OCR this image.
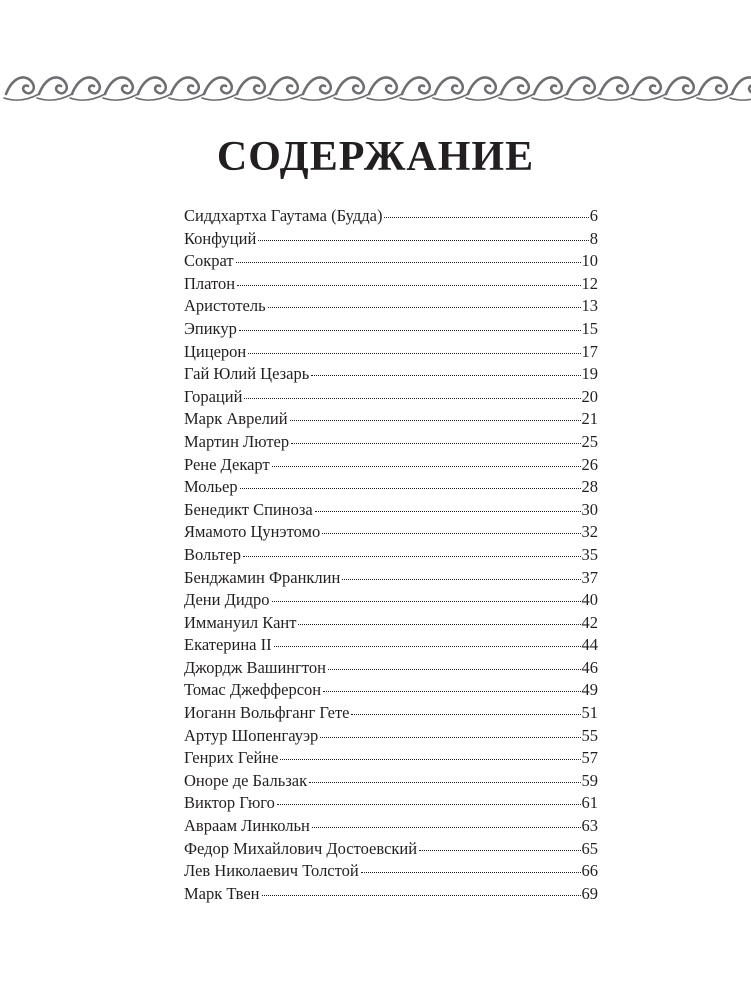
СОДЕРЖАНИЕ
Сиддхартха Гаутама (Будда)	6
Конфуций	8
Сократ	10
Платон	12
Аристотель	13
Эпикур	15
Цицерон	17
Гай Юлий Цезарь	19
Гораций	20
Марк Аврелий	21
Мартин Лютер	25
Рене Декарт	26
Мольер	28
Бенедикт Спиноза	30
Ямамото Цунэтомо	32
Вольтер	35
Бенджамин Франклин	37
Дени Дидро	40
Иммануил Кант	42
Екатерина II	44
Джордж Вашингтон	46
Томас Джефферсон	49
Иоганн Вольфганг Гете	51
Артур Шопенгауэр	55
Генрих Гейне	57
Оноре де Бальзак	59
Виктор Гюго	61
Авраам Линкольн	63
Федор Михайлович Достоевский	65
Лев Николаевич Толстой	66
Марк Твен	69
